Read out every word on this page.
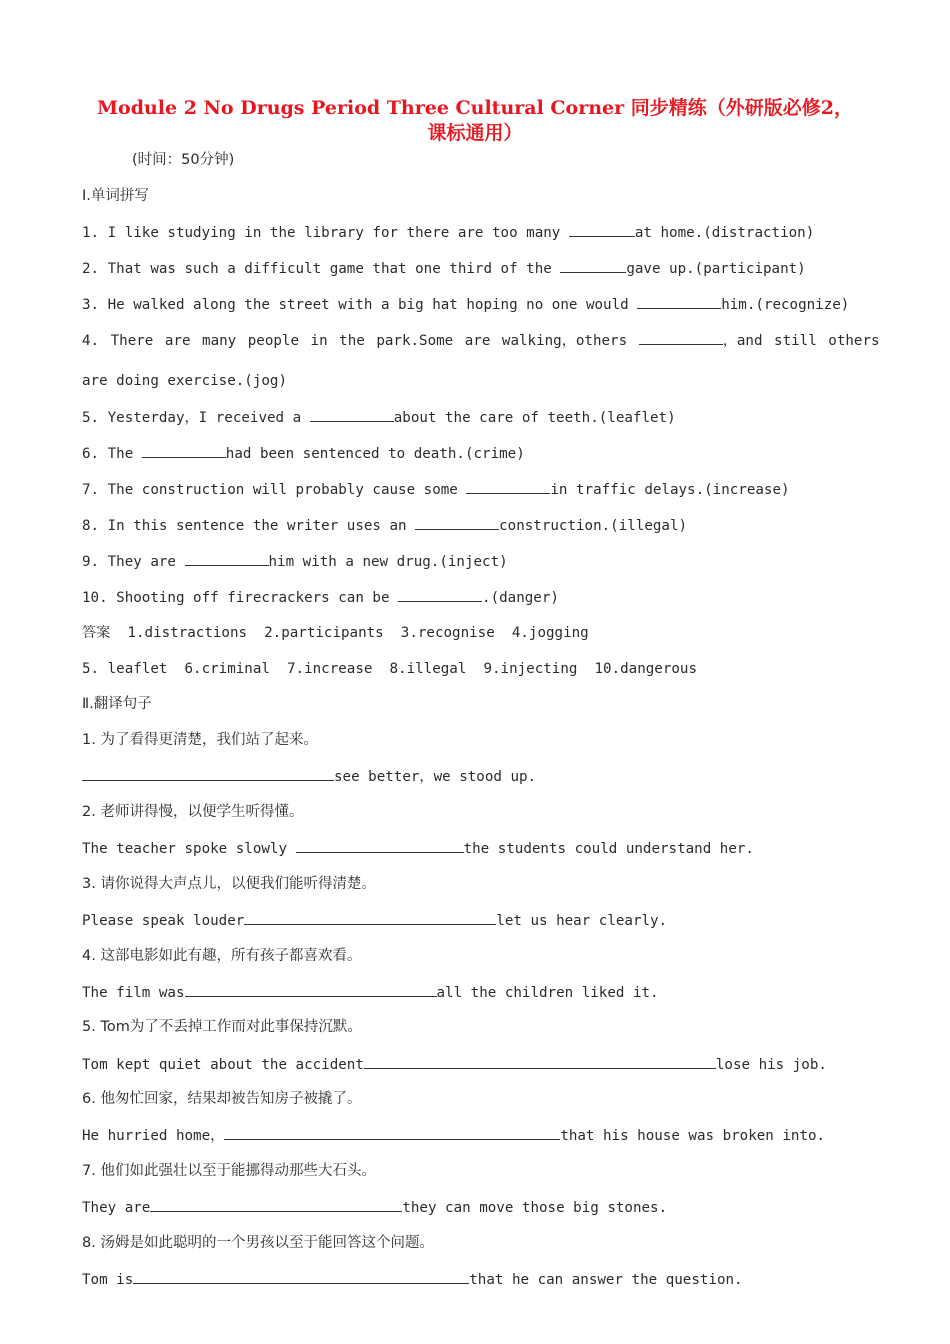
Module 2 No Drugs Period Three Cultural Corner 同步精练（外研版必修2，
课标通用）
(时间：50分钟)
Ⅰ.单词拼写
1. I like studying in the library for there are too many	at home.(distraction)
2. That was such a difficult game that one third of the	gave up.(participant)
3. He walked along the street with a big hat hoping no one would	him.(recognize)
4. There are many people in the park.Some are walking，others	，and still others
are doing exercise.(jog)
5. Yesterday，I received a	about the care of teeth.(leaflet)
6. The	had been sentenced to death.(crime)
7. The construction will probably cause some	in traffic delays.(increase)
8. In this sentence the writer uses an	construction.(illegal)
9. They are	him with a new drug.(inject)
10. Shooting off firecrackers can be	.(danger)
答案  1.distractions  2.participants  3.recognise  4.jogging
5. leaflet  6.criminal  7.increase  8.illegal  9.injecting  10.dangerous
Ⅱ.翻译句子
1. 为了看得更清楚，我们站了起来。
see better，we stood up.
2. 老师讲得慢，以便学生听得懂。
The teacher spoke slowly	the students could understand her.
3. 请你说得大声点儿，以便我们能听得清楚。
Please speak louder	let us hear clearly.
4. 这部电影如此有趣，所有孩子都喜欢看。
The film was	all the children liked it.
5. Tom为了不丢掉工作而对此事保持沉默。
Tom kept quiet about the accident	lose his job.
6. 他匆忙回家，结果却被告知房子被撬了。
He hurried home，	that his house was broken into.
7. 他们如此强壮以至于能挪得动那些大石头。
They are	they can move those big stones.
8. 汤姆是如此聪明的一个男孩以至于能回答这个问题。
Tom is	that he can answer the question.
